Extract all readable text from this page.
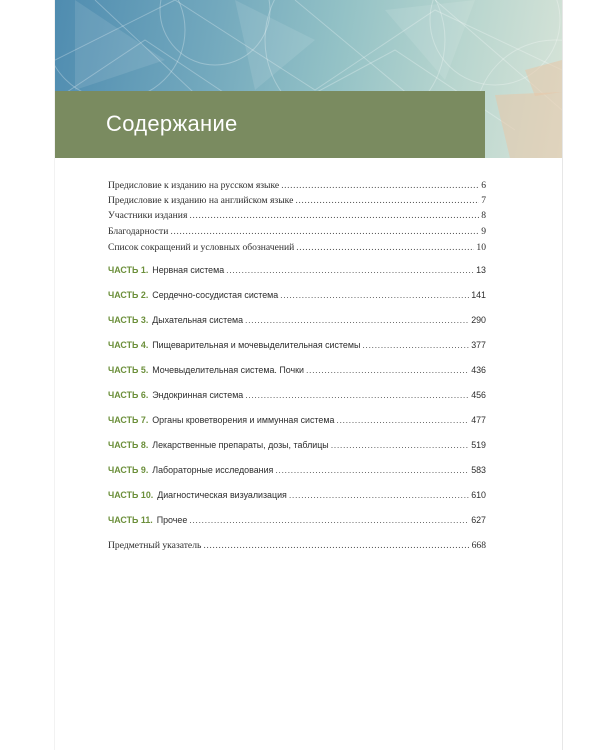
Содержание
Предисловие к изданию на русском языке .....	6
Предисловие к изданию на английском языке .....	7
Участники издания .....	8
Благодарности .....	9
Список сокращений и условных обозначений .....	10
ЧАСТЬ 1. Нервная система .....	13
ЧАСТЬ 2. Сердечно-сосудистая система .....	141
ЧАСТЬ 3. Дыхательная система .....	290
ЧАСТЬ 4. Пищеварительная и мочевыделительная системы .....	377
ЧАСТЬ 5. Мочевыделительная система. Почки .....	436
ЧАСТЬ 6. Эндокринная система .....	456
ЧАСТЬ 7. Органы кроветворения и иммунная система .....	477
ЧАСТЬ 8. Лекарственные препараты, дозы, таблицы .....	519
ЧАСТЬ 9. Лабораторные исследования .....	583
ЧАСТЬ 10. Диагностическая визуализация .....	610
ЧАСТЬ 11. Прочее .....	627
Предметный указатель .....	668
